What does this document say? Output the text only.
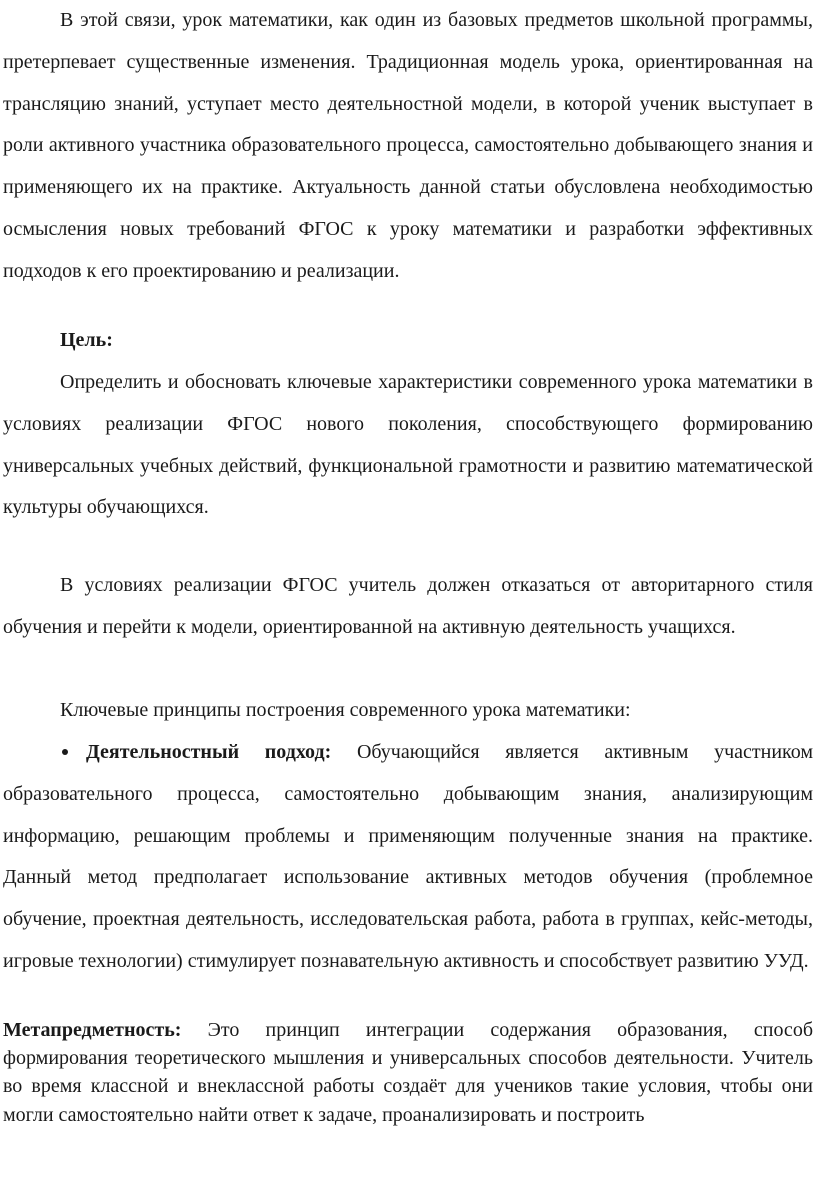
В этой связи, урок математики, как один из базовых предметов школьной программы, претерпевает существенные изменения. Традиционная модель урока, ориентированная на трансляцию знаний, уступает место деятельностной модели, в которой ученик выступает в роли активного участника образовательного процесса, самостоятельно добывающего знания и применяющего их на практике. Актуальность данной статьи обусловлена необходимостью осмысления новых требований ФГОС к уроку математики и разработки эффективных подходов к его проектированию и реализации.

Цель:

Определить и обосновать ключевые характеристики современного урока математики в условиях реализации ФГОС нового поколения, способствующего формированию универсальных учебных действий, функциональной грамотности и развитию математической культуры обучающихся.

В условиях реализации ФГОС учитель должен отказаться от авторитарного стиля обучения и перейти к модели, ориентированной на активную деятельность учащихся.

Ключевые принципы построения современного урока математики:

Деятельностный подход: Обучающийся является активным участником образовательного процесса, самостоятельно добывающим знания, анализирующим информацию, решающим проблемы и применяющим полученные знания на практике. Данный метод предполагает использование активных методов обучения (проблемное обучение, проектная деятельность, исследовательская работа, работа в группах, кейс-методы, игровые технологии) стимулирует познавательную активность и способствует развитию УУД.

Метапредметность: Это принцип интеграции содержания образования, способ формирования теоретического мышления и универсальных способов деятельности. Учитель во время классной и внеклассной работы создаёт для учеников такие условия, чтобы они могли самостоятельно найти ответ к задаче, проанализировать и построить
